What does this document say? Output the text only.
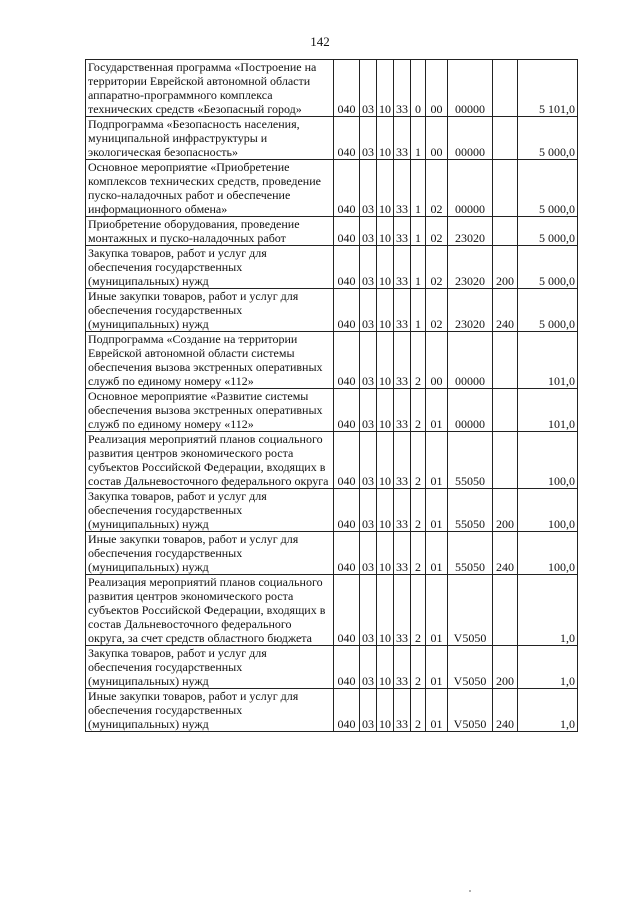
142
Государственная программа «Построение на территории Еврейской автономной области аппаратно-программного комплекса технических средств «Безопасный город»	040	03	10	33	0	00	00000		5 101,0
Подпрограмма «Безопасность населения, муниципальной инфраструктуры и экологическая безопасность»	040	03	10	33	1	00	00000		5 000,0
Основное мероприятие «Приобретение комплексов технических средств, проведение пуско-наладочных работ и обеспечение информационного обмена»	040	03	10	33	1	02	00000		5 000,0
Приобретение оборудования, проведение монтажных и пуско-наладочных работ	040	03	10	33	1	02	23020		5 000,0
Закупка товаров, работ и услуг для обеспечения государственных (муниципальных) нужд	040	03	10	33	1	02	23020	200	5 000,0
Иные закупки товаров, работ и услуг для обеспечения государственных (муниципальных) нужд	040	03	10	33	1	02	23020	240	5 000,0
Подпрограмма «Создание на территории Еврейской автономной области системы обеспечения вызова экстренных оперативных служб по единому номеру «112»	040	03	10	33	2	00	00000		101,0
Основное мероприятие «Развитие системы обеспечения вызова экстренных оперативных служб по единому номеру «112»	040	03	10	33	2	01	00000		101,0
Реализация мероприятий планов социального развития центров экономического роста субъектов Российской Федерации, входящих в состав Дальневосточного федерального округа	040	03	10	33	2	01	55050		100,0
Закупка товаров, работ и услуг для обеспечения государственных (муниципальных) нужд	040	03	10	33	2	01	55050	200	100,0
Иные закупки товаров, работ и услуг для обеспечения государственных (муниципальных) нужд	040	03	10	33	2	01	55050	240	100,0
Реализация мероприятий планов социального развития центров экономического роста субъектов Российской Федерации, входящих в состав Дальневосточного федерального округа, за счет средств областного бюджета	040	03	10	33	2	01	V5050		1,0
Закупка товаров, работ и услуг для обеспечения государственных (муниципальных) нужд	040	03	10	33	2	01	V5050	200	1,0
Иные закупки товаров, работ и услуг для обеспечения государственных (муниципальных) нужд	040	03	10	33	2	01	V5050	240	1,0
